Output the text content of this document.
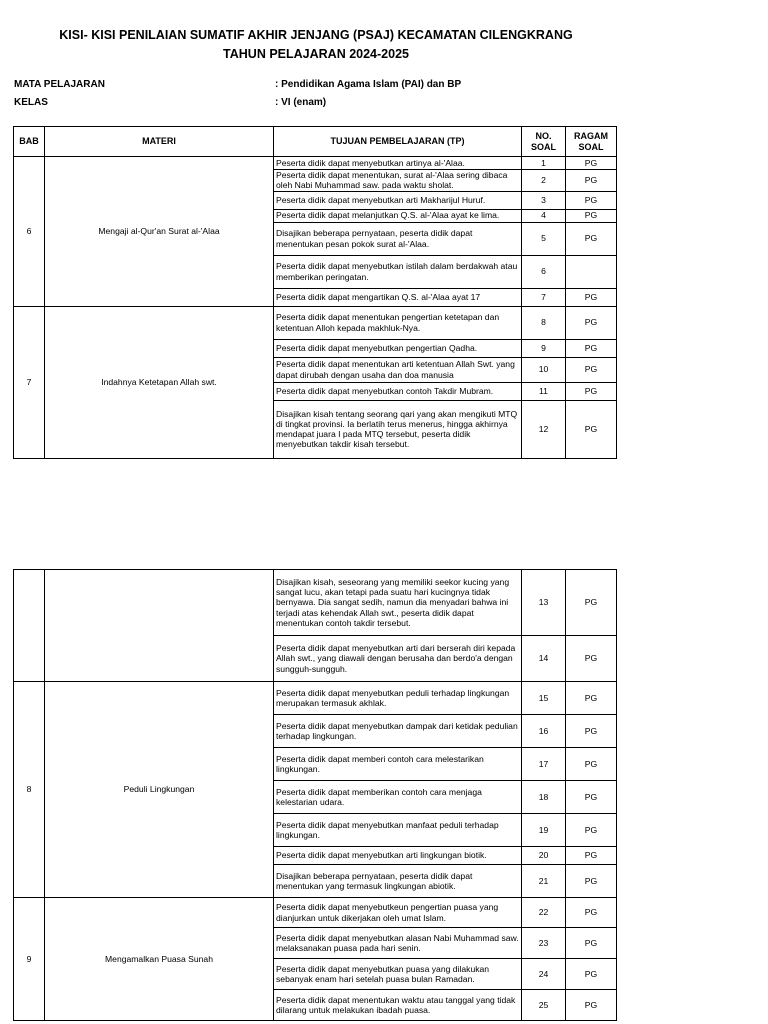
KISI- KISI PENILAIAN SUMATIF AKHIR JENJANG (PSAJ) KECAMATAN CILENGKRANG
TAHUN PELAJARAN 2024-2025
MATA PELAJARAN	: Pendidikan Agama Islam (PAI) dan BP
KELAS	: VI (enam)
BAB	MATERI	TUJUAN PEMBELAJARAN (TP)	NO. SOAL	RAGAM SOAL
6	Mengaji al-Qur'an Surat al-'Alaa	Peserta didik dapat menyebutkan artinya al-'Alaa.	1	PG
		Peserta didik dapat menentukan, surat al-'Alaa sering dibaca oleh Nabi Muhammad saw. pada waktu sholat.	2	PG
		Peserta didik dapat menyebutkan arti Makharijul Huruf.	3	PG
		Peserta didik dapat melanjutkan Q.S. al-'Alaa ayat ke lima.	4	PG
		Disajikan beberapa pernyataan, peserta didik dapat menentukan pesan pokok surat al-'Alaa.	5	PG
		Peserta didik dapat menyebutkan istilah dalam berdakwah atau memberikan peringatan.	6	
		Peserta didik dapat mengartikan Q.S. al-'Alaa ayat 17	7	PG
7	Indahnya Ketetapan Allah swt.	Peserta didik dapat menentukan pengertian ketetapan dan ketentuan Alloh kepada makhluk-Nya.	8	PG
		Peserta didik dapat menyebutkan pengertian Qadha.	9	PG
		Peserta didik dapat menentukan arti ketentuan Allah Swt. yang dapat dirubah dengan usaha dan doa manusia	10	PG
		Peserta didik dapat menyebutkan contoh Takdir Mubram.	11	PG
		Disajikan kisah tentang seorang qari yang akan mengikuti MTQ di tingkat provinsi. Ia berlatih terus menerus, hingga akhirnya mendapat juara I pada MTQ tersebut, peserta didik menyebutkan takdir kisah tersebut.	12	PG
		Disajikan kisah, seseorang yang memiliki seekor kucing yang sangat lucu, akan tetapi pada suatu hari kucingnya tidak bernyawa. Dia sangat sedih, namun dia menyadari bahwa ini terjadi atas kehendak Allah swt., peserta didik dapat menentukan contoh takdir tersebut.	13	PG
		Peserta didik dapat menyebutkan arti dari berserah diri kepada Allah swt., yang diawali dengan berusaha dan berdo'a dengan sungguh-sungguh.	14	PG
8	Peduli Lingkungan	Peserta didik dapat menyebutkan peduli terhadap lingkungan merupakan termasuk akhlak.	15	PG
		Peserta didik dapat menyebutkan dampak dari ketidak pedulian terhadap lingkungan.	16	PG
		Peserta didik dapat memberi contoh cara melestarikan lingkungan.	17	PG
		Peserta didik dapat memberikan contoh cara menjaga kelestarian udara.	18	PG
		Peserta didik dapat menyebutkan manfaat peduli terhadap lingkungan.	19	PG
		Peserta didik dapat menyebutkan arti lingkungan biotik.	20	PG
		Disajikan beberapa pernyataan, peserta didik dapat menentukan yang termasuk lingkungan abiotik.	21	PG
9	Mengamalkan Puasa Sunah	Peserta didik dapat menyebutkeun pengertian puasa yang dianjurkan untuk dikerjakan oleh umat Islam.	22	PG
		Peserta didik dapat menyebutkan alasan Nabi Muhammad saw. melaksanakan puasa pada hari senin.	23	PG
		Peserta didik dapat menyebutkan puasa yang dilakukan sebanyak enam hari setelah puasa bulan Ramadan.	24	PG
		Peserta didik dapat menentukan waktu atau tanggal yang tidak dilarang untuk melakukan ibadah puasa.	25	PG
